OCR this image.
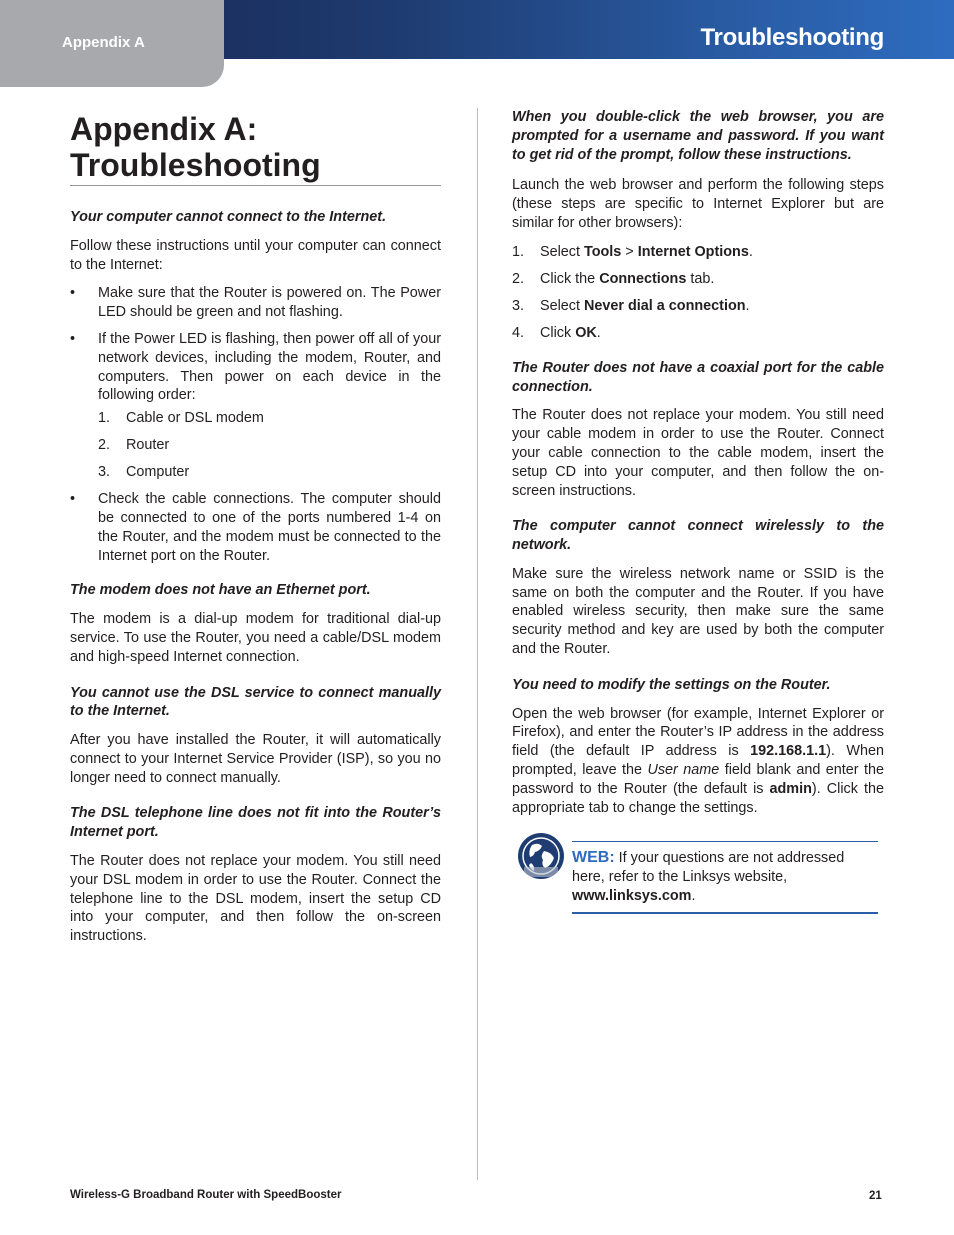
Appendix A	Troubleshooting
Appendix A: Troubleshooting
Your computer cannot connect to the Internet.

Follow these instructions until your computer can connect to the Internet:

• Make sure that the Router is powered on. The Power LED should be green and not flashing.
• If the Power LED is flashing, then power off all of your network devices, including the modem, Router, and computers. Then power on each device in the following order:
1. Cable or DSL modem
2. Router
3. Computer
• Check the cable connections. The computer should be connected to one of the ports numbered 1-4 on the Router, and the modem must be connected to the Internet port on the Router.
The modem does not have an Ethernet port.

The modem is a dial-up modem for traditional dial-up service. To use the Router, you need a cable/DSL modem and high-speed Internet connection.

You cannot use the DSL service to connect manually to the Internet.

After you have installed the Router, it will automatically connect to your Internet Service Provider (ISP), so you no longer need to connect manually.

The DSL telephone line does not fit into the Router’s Internet port.

The Router does not replace your modem. You still need your DSL modem in order to use the Router. Connect the telephone line to the DSL modem, insert the setup CD into your computer, and then follow the on-screen instructions.

When you double-click the web browser, you are prompted for a username and password. If you want to get rid of the prompt, follow these instructions.

Launch the web browser and perform the following steps (these steps are specific to Internet Explorer but are similar for other browsers):

1. Select Tools > Internet Options.
2. Click the Connections tab.
3. Select Never dial a connection.
4. Click OK.
The Router does not have a coaxial port for the cable connection.

The Router does not replace your modem. You still need your cable modem in order to use the Router. Connect your cable connection to the cable modem, insert the setup CD into your computer, and then follow the on-screen instructions.

The computer cannot connect wirelessly to the network.

Make sure the wireless network name or SSID is the same on both the computer and the Router. If you have enabled wireless security, then make sure the same security method and key are used by both the computer and the Router.

You need to modify the settings on the Router.

Open the web browser (for example, Internet Explorer or Firefox), and enter the Router’s IP address in the address field (the default IP address is 192.168.1.1). When prompted, leave the User name field blank and enter the password to the Router (the default is admin). Click the appropriate tab to change the settings.

WEB: If your questions are not addressed here, refer to the Linksys website, www.linksys.com.
Wireless-G Broadband Router with SpeedBooster	21
